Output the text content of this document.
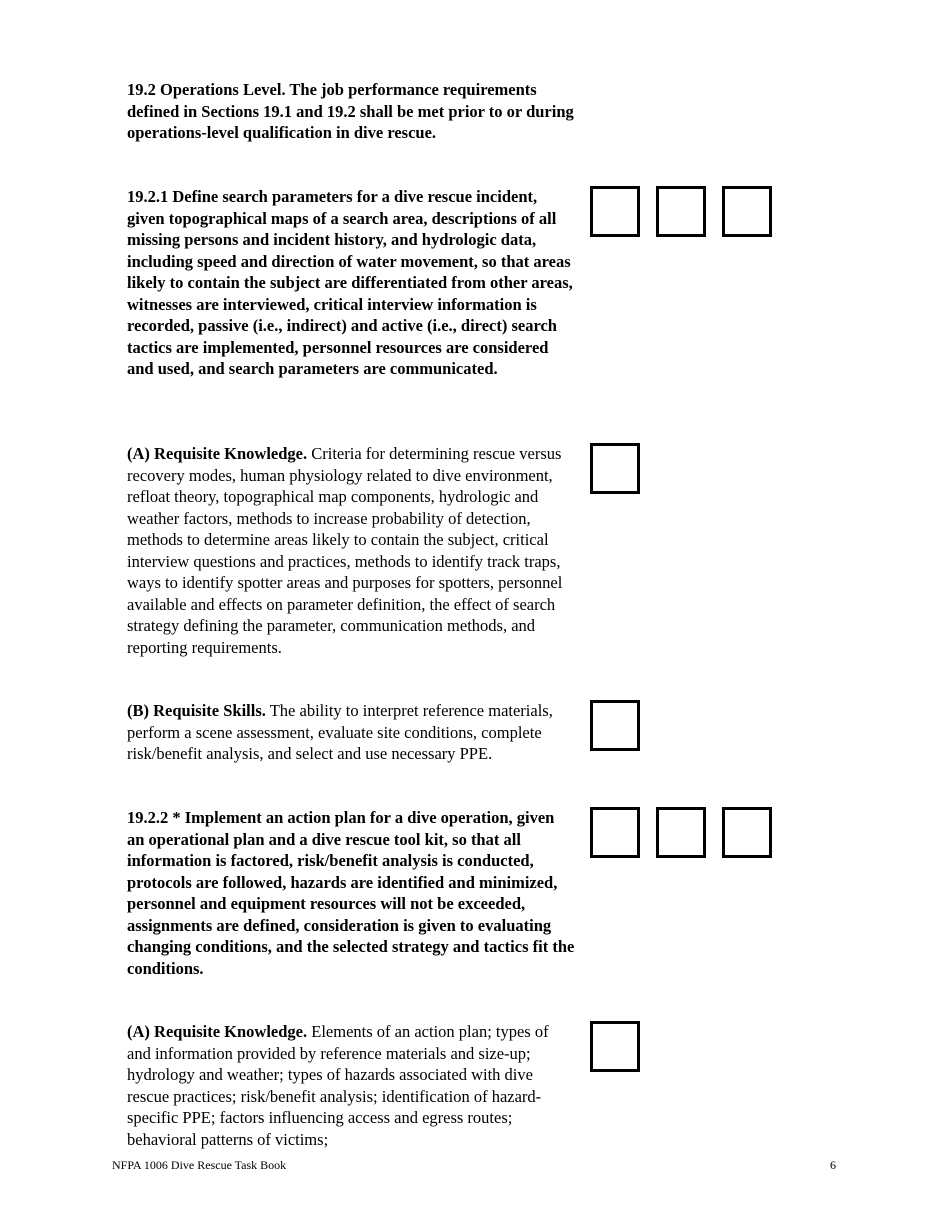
19.2 Operations Level. The job performance requirements defined in Sections 19.1 and 19.2 shall be met prior to or during operations-level qualification in dive rescue.
19.2.1 Define search parameters for a dive rescue incident, given topographical maps of a search area, descriptions of all missing persons and incident history, and hydrologic data, including speed and direction of water movement, so that areas likely to contain the subject are differentiated from other areas, witnesses are interviewed, critical interview information is recorded, passive (i.e., indirect) and active (i.e., direct) search tactics are implemented, personnel resources are considered and used, and search parameters are communicated.
(A) Requisite Knowledge. Criteria for determining rescue versus recovery modes, human physiology related to dive environment, refloat theory, topographical map components, hydrologic and weather factors, methods to increase probability of detection, methods to determine areas likely to contain the subject, critical interview questions and practices, methods to identify track traps, ways to identify spotter areas and purposes for spotters, personnel available and effects on parameter definition, the effect of search strategy defining the parameter, communication methods, and reporting requirements.
(B) Requisite Skills. The ability to interpret reference materials, perform a scene assessment, evaluate site conditions, complete risk/benefit analysis, and select and use necessary PPE.
19.2.2 * Implement an action plan for a dive operation, given an operational plan and a dive rescue tool kit, so that all information is factored, risk/benefit analysis is conducted, protocols are followed, hazards are identified and minimized, personnel and equipment resources will not be exceeded, assignments are defined, consideration is given to evaluating changing conditions, and the selected strategy and tactics fit the conditions.
(A) Requisite Knowledge. Elements of an action plan; types of and information provided by reference materials and size-up; hydrology and weather; types of hazards associated with dive rescue practices; risk/benefit analysis; identification of hazard-specific PPE; factors influencing access and egress routes; behavioral patterns of victims;
NFPA 1006 Dive Rescue Task Book	6
